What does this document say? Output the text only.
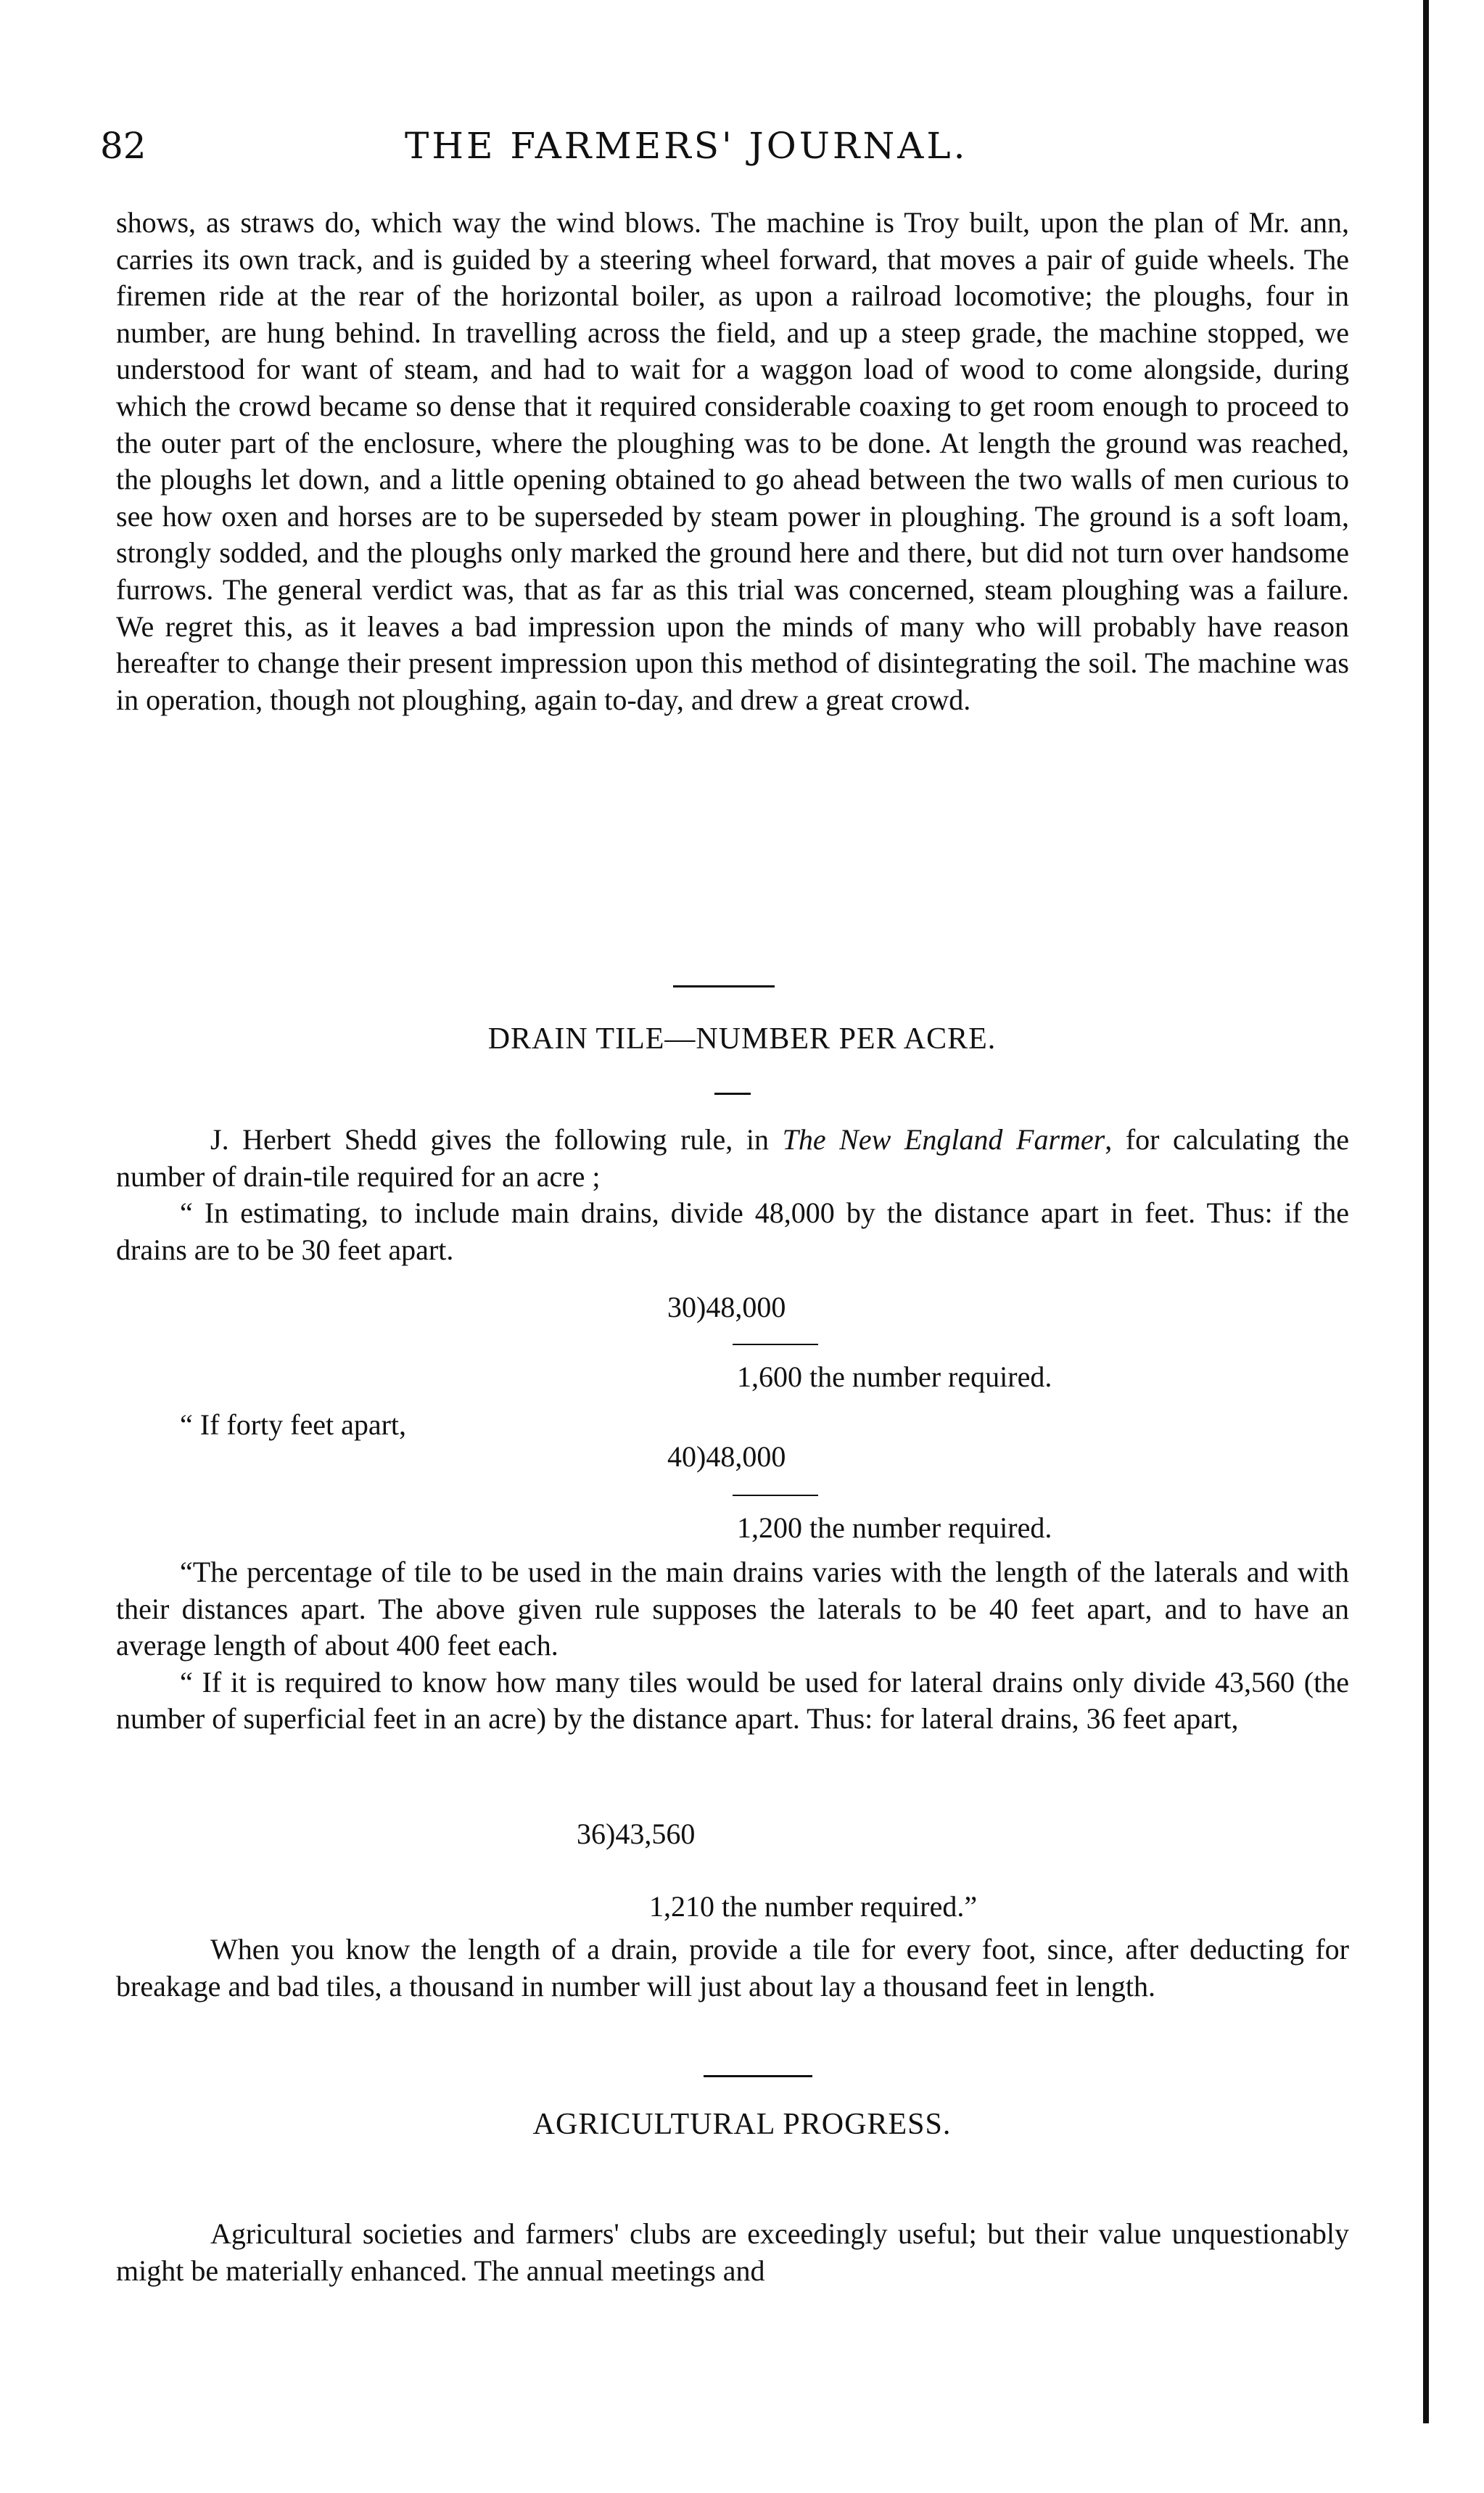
82	THE FARMERS' JOURNAL.

shows, as straws do, which way the wind blows. The machine is Troy built, upon the plan of Mr. ann, carries its own track, and is guided by a steering wheel forward, that moves a pair of guide wheels. The firemen ride at the rear of the horizontal boiler, as upon a railroad locomotive; the ploughs, four in number, are hung behind. In travelling across the field, and up a steep grade, the machine stopped, we understood for want of steam, and had to wait for a waggon load of wood to come alongside, during which the crowd became so dense that it required considerable coaxing to get room enough to proceed to the outer part of the enclosure, where the ploughing was to be done. At length the ground was reached, the ploughs let down, and a little opening obtained to go ahead between the two walls of men curious to see how oxen and horses are to be superseded by steam power in ploughing. The ground is a soft loam, strongly sodded, and the ploughs only marked the ground here and there, but did not turn over handsome furrows. The general verdict was, that as far as this trial was concerned, steam ploughing was a failure. We regret this, as it leaves a bad impression upon the minds of many who will probably have reason hereafter to change their present impression upon this method of disintegrating the soil. The machine was in operation, though not ploughing, again to-day, and drew a great crowd.

DRAIN TILE—NUMBER PER ACRE.

J. Herbert Shedd gives the following rule, in The New England Farmer, for calculating the number of drain-tile required for an acre ;

“ In estimating, to include main drains, divide 48,000 by the distance apart in feet. Thus: if the drains are to be 30 feet apart.

30)48,000
1,600 the number required.
“ If forty feet apart,
40)48,000
1,200 the number required.

“The percentage of tile to be used in the main drains varies with the length of the laterals and with their distances apart. The above given rule supposes the laterals to be 40 feet apart, and to have an average length of about 400 feet each.

“ If it is required to know how many tiles would be used for lateral drains only divide 43,560 (the number of superficial feet in an acre) by the distance apart. Thus: for lateral drains, 36 feet apart,

36)43,560
1,210 the number required.”

When you know the length of a drain, provide a tile for every foot, since, after deducting for breakage and bad tiles, a thousand in number will just about lay a thousand feet in length.

AGRICULTURAL PROGRESS.

Agricultural societies and farmers' clubs are exceedingly useful; but their value unquestionably might be materially enhanced. The annual meetings and
